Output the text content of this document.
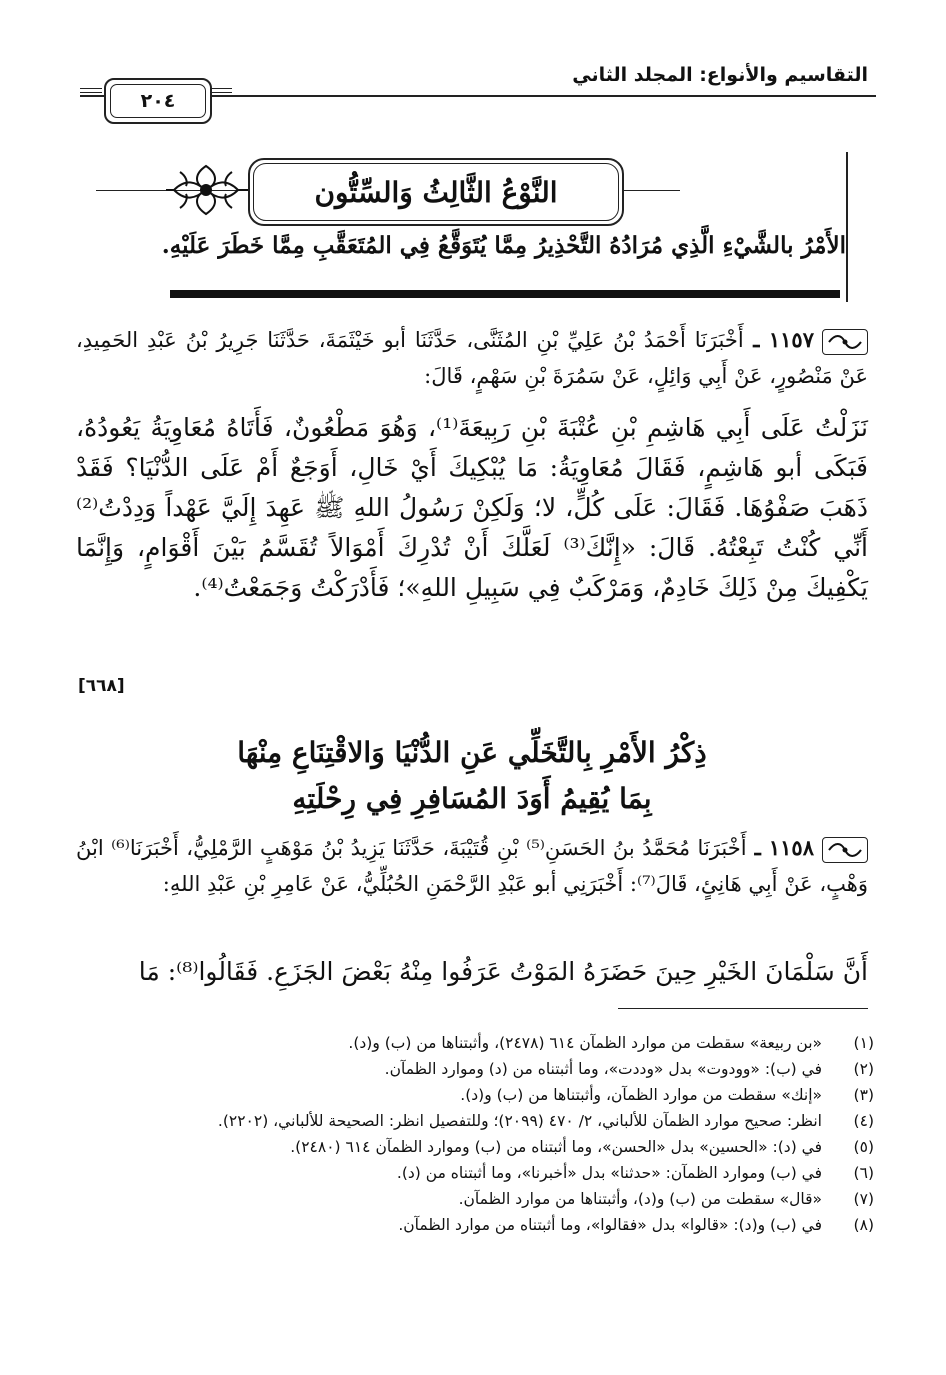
التقاسيم والأنواع: المجلد الثاني
٢٠٤
النَّوْعُ الثَّالِثُ وَالسِّتُّون
الأَمْرُ بالشَّيْءِ الَّذِي مُرَادُهُ التَّحْذِيرُ مِمَّا يُتَوَقَّعُ فِي المُتَعَقَّبِ مِمَّا خَطَرَ عَلَيْهِ.
١١٥٧ ـ أَخْبَرَنَا أَحْمَدُ بْنُ عَلِيِّ بْنِ المُثَنَّى، حَدَّثَنَا أبو خَيْثَمَةَ، حَدَّثَنَا جَرِيرُ بْنُ عَبْدِ الحَمِيدِ، عَنْ مَنْصُورٍ، عَنْ أَبِي وَائِلٍ، عَنْ سَمُرَةَ بْنِ سَهْمٍ، قَالَ:
نَزَلْتُ عَلَى أَبِي هَاشِمِ بْنِ عُتْبَةَ بْنِ رَبِيعَةَ⁽¹⁾، وَهُوَ مَطْعُونٌ، فَأَتَاهُ مُعَاوِيَةُ يَعُودُهُ، فَبَكَى أبو هَاشِمٍ، فَقَالَ مُعَاوِيَةُ: مَا يُبْكِيكَ أَيْ خَالِ، أَوَجَعٌ أَمْ عَلَى الدُّنْيَا؟ فَقَدْ ذَهَبَ صَفْوُهَا. فَقَالَ: عَلَى كُلٍّ، لا؛ وَلَكِنْ رَسُولُ اللهِ ﷺ عَهِدَ إِلَيَّ عَهْداً وَدِدْتُ⁽²⁾ أَنِّي كُنْتُ تَبِعْتُهُ. قَالَ: «إِنَّكَ⁽³⁾ لَعَلَّكَ أَنْ تُدْرِكَ أَمْوَالاً تُقَسَّمُ بَيْنَ أَقْوَامٍ، وَإِنَّمَا يَكْفِيكَ مِنْ ذَلِكَ خَادِمٌ، وَمَرْكَبٌ فِي سَبِيلِ اللهِ»؛ فَأَدْرَكْتُ وَجَمَعْتُ⁽⁴⁾.
[٦٦٨]
ذِكْرُ الأَمْرِ بِالتَّخَلِّي عَنِ الدُّنْيَا وَالاقْتِنَاعِ مِنْهَا
بِمَا يُقِيمُ أَوَدَ المُسَافِرِ فِي رِحْلَتِهِ
١١٥٨ ـ أَخْبَرَنَا مُحَمَّدُ بنُ الحَسَنِ⁽⁵⁾ بْنِ قُتَيْبَةَ، حَدَّثَنَا يَزِيدُ بْنُ مَوْهَبٍ الرَّمْلِيُّ، أَخْبَرَنَا⁽⁶⁾ ابْنُ وَهْبٍ، عَنْ أَبِي هَانِئٍ، قَالَ⁽⁷⁾: أَخْبَرَنِي أبو عَبْدِ الرَّحْمَنِ الحُبُلِّيُّ، عَنْ عَامِرِ بْنِ عَبْدِ اللهِ:
أَنَّ سَلْمَانَ الخَيْرِ حِينَ حَضَرَهُ المَوْتُ عَرَفُوا مِنْهُ بَعْضَ الجَزَعِ. فَقَالُوا⁽⁸⁾: مَا
(١)
«بن ربيعة» سقطت من موارد الظمآن ٦١٤ (٢٤٧٨)، وأثبتناها من (ب) و(د).
(٢)
في (ب): «وودوت» بدل «وددت»، وما أثبتناه من (د) وموارد الظمآن.
(٣)
«إنك» سقطت من موارد الظمآن، وأثبتناها من (ب) و(د).
(٤)
انظر: صحيح موارد الظمآن للألباني، ٢/ ٤٧٠ (٢٠٩٩)؛ وللتفصيل انظر: الصحيحة للألباني، (٢٢٠٢).
(٥)
في (د): «الحسين» بدل «الحسن»، وما أثبتناه من (ب) وموارد الظمآن ٦١٤ (٢٤٨٠).
(٦)
في (ب) وموارد الظمآن: «حدثنا» بدل «أخبرنا»، وما أثبتناه من (د).
(٧)
«قال» سقطت من (ب) و(د)، وأثبتناها من موارد الظمآن.
(٨)
في (ب) و(د): «قالوا» بدل «فقالوا»، وما أثبتناه من موارد الظمآن.
